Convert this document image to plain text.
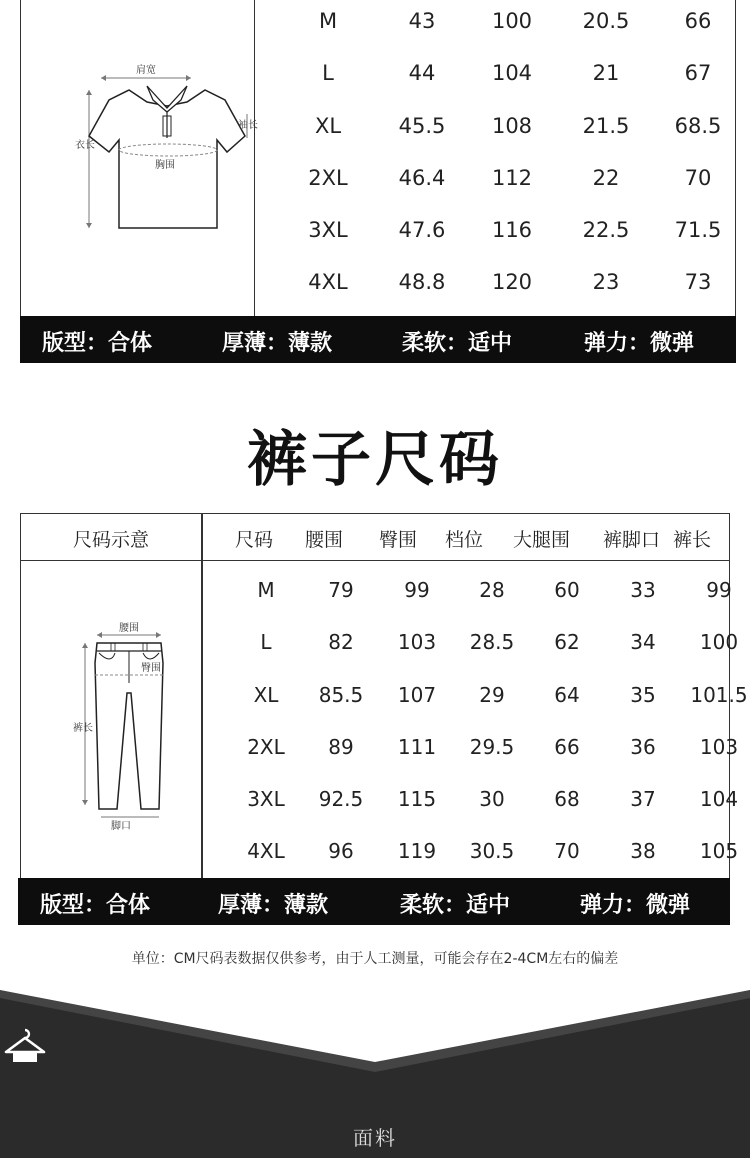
肩宽
衣长
袖长
胸围
M	43	100	20.5	66
L	44	104	21	67
XL	45.5	108	21.5	68.5
2XL	46.4	112	22	70
3XL	47.6	116	22.5	71.5
4XL	48.8	120	23	73
版型：合体	厚薄：薄款	柔软：适中	弹力：微弹
裤子尺码
尺码示意	尺码 腰围 臀围 档位 大腿围 裤脚口 裤长
腰围
裤长
臀围
脚口
M	79	99	28	60	33	99
L	82	103	28.5	62	34	100
XL	85.5	107	29	64	35	101.5
2XL	89	111	29.5	66	36	103
3XL	92.5	115	30	68	37	104
4XL	96	119	30.5	70	38	105
版型：合体	厚薄：薄款	柔软：适中	弹力：微弹
单位：CM尺码表数据仅供参考，由于人工测量，可能会存在2-4CM左右的偏差
面料
